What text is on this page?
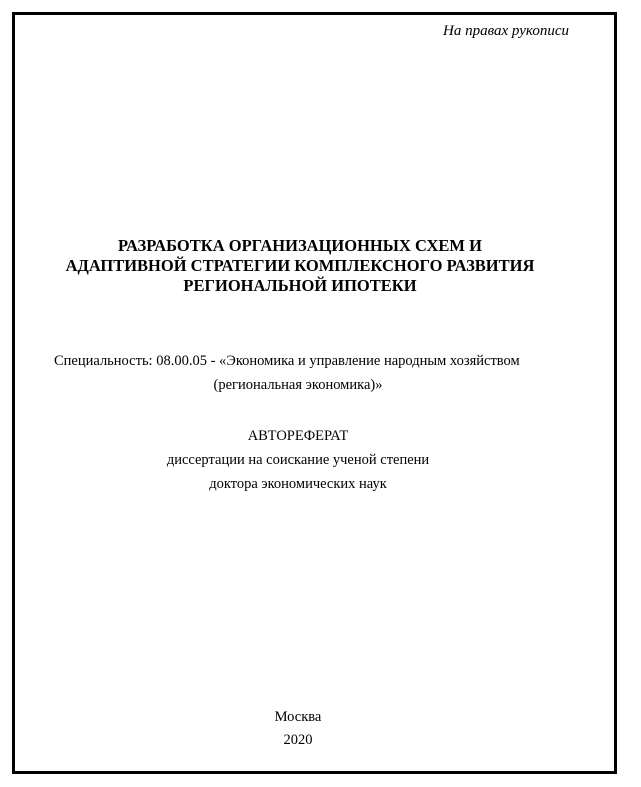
На правах рукописи
РАЗРАБОТКА ОРГАНИЗАЦИОННЫХ СХЕМ И
АДАПТИВНОЙ СТРАТЕГИИ КОМПЛЕКСНОГО РАЗВИТИЯ
РЕГИОНАЛЬНОЙ ИПОТЕКИ
Специальность: 08.00.05 - «Экономика и управление народным хозяйством
(региональная экономика)»
АВТОРЕФЕРАТ
диссертации на соискание ученой степени
доктора экономических наук
Москва
2020
